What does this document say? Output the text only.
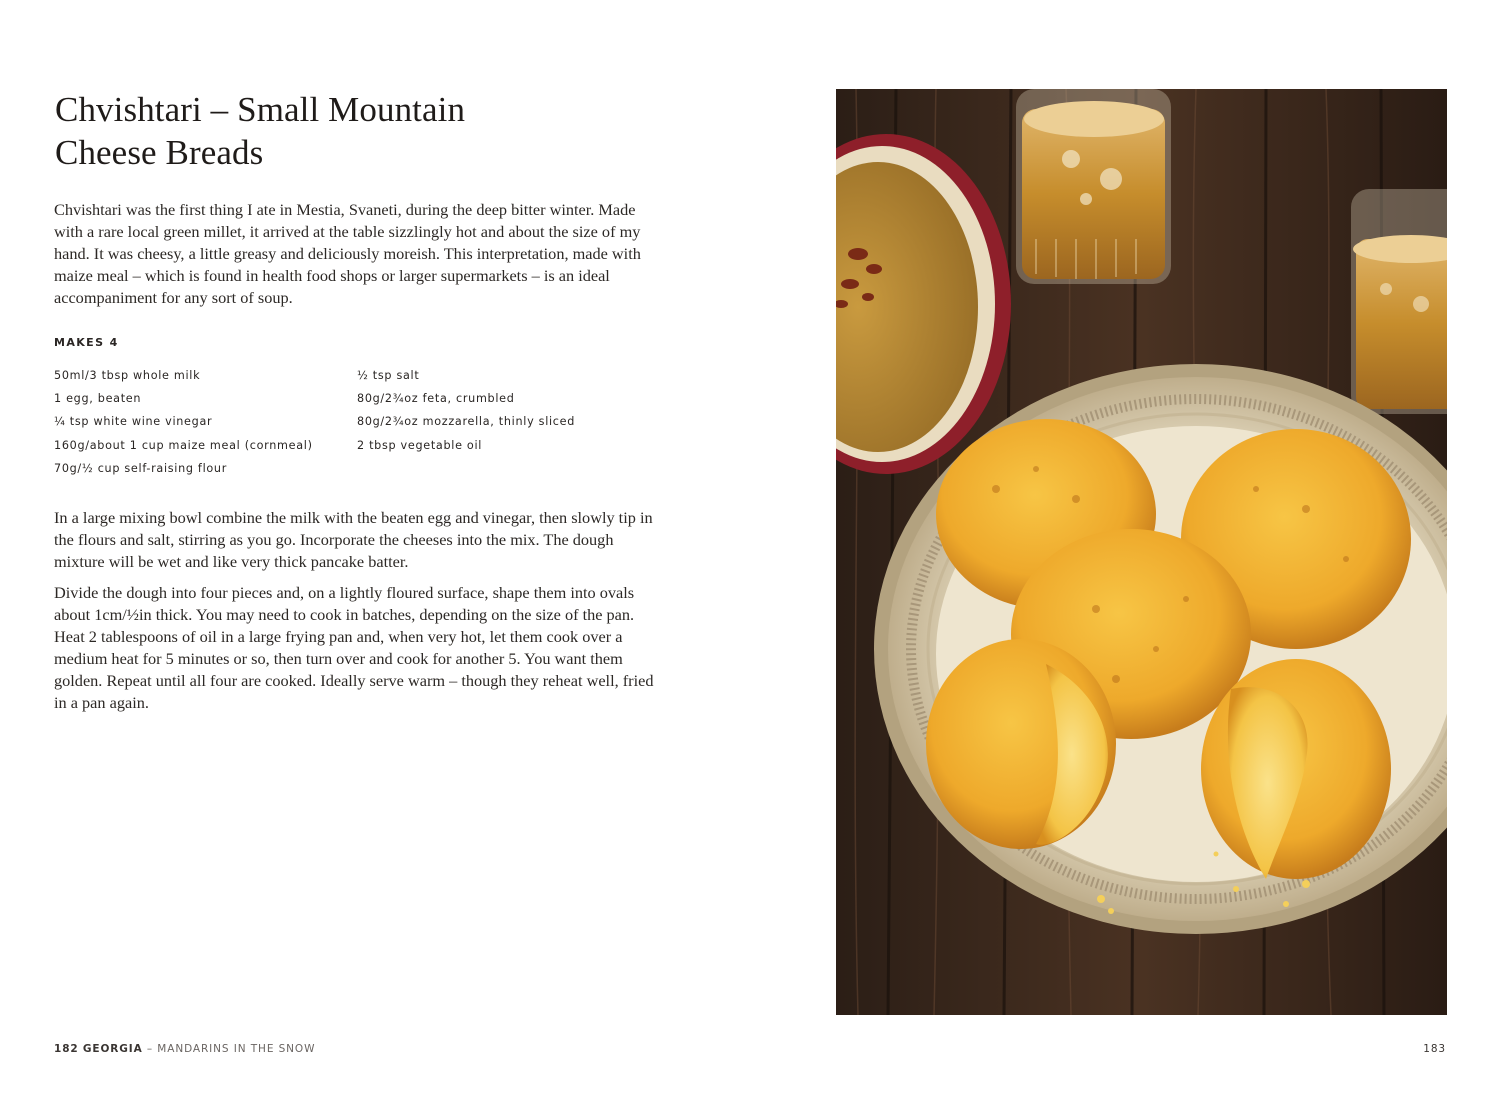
Chvishtari – Small Mountain
Cheese Breads

Chvishtari was the first thing I ate in Mestia, Svaneti, during the deep bitter winter. Made with a rare local green millet, it arrived at the table sizzlingly hot and about the size of my hand. It was cheesy, a little greasy and deliciously moreish. This interpretation, made with maize meal – which is found in health food shops or larger supermarkets – is an ideal accompaniment for any sort of soup.

MAKES 4
50ml/3 tbsp whole milk
1 egg, beaten
¼ tsp white wine vinegar
160g/about 1 cup maize meal (cornmeal)
70g/½ cup self-raising flour
½ tsp salt
80g/2¾oz feta, crumbled
80g/2¾oz mozzarella, thinly sliced
2 tbsp vegetable oil

In a large mixing bowl combine the milk with the beaten egg and vinegar, then slowly tip in the flours and salt, stirring as you go. Incorporate the cheeses into the mix. The dough mixture will be wet and like very thick pancake batter.

Divide the dough into four pieces and, on a lightly floured surface, shape them into ovals about 1cm/½in thick. You may need to cook in batches, depending on the size of the pan. Heat 2 tablespoons of oil in a large frying pan and, when very hot, let them cook over a medium heat for 5 minutes or so, then turn over and cook for another 5. You want them golden. Repeat until all four are cooked. Ideally serve warm – though they reheat well, fried in a pan again.

182 GEORGIA – MANDARINS IN THE SNOW	183
